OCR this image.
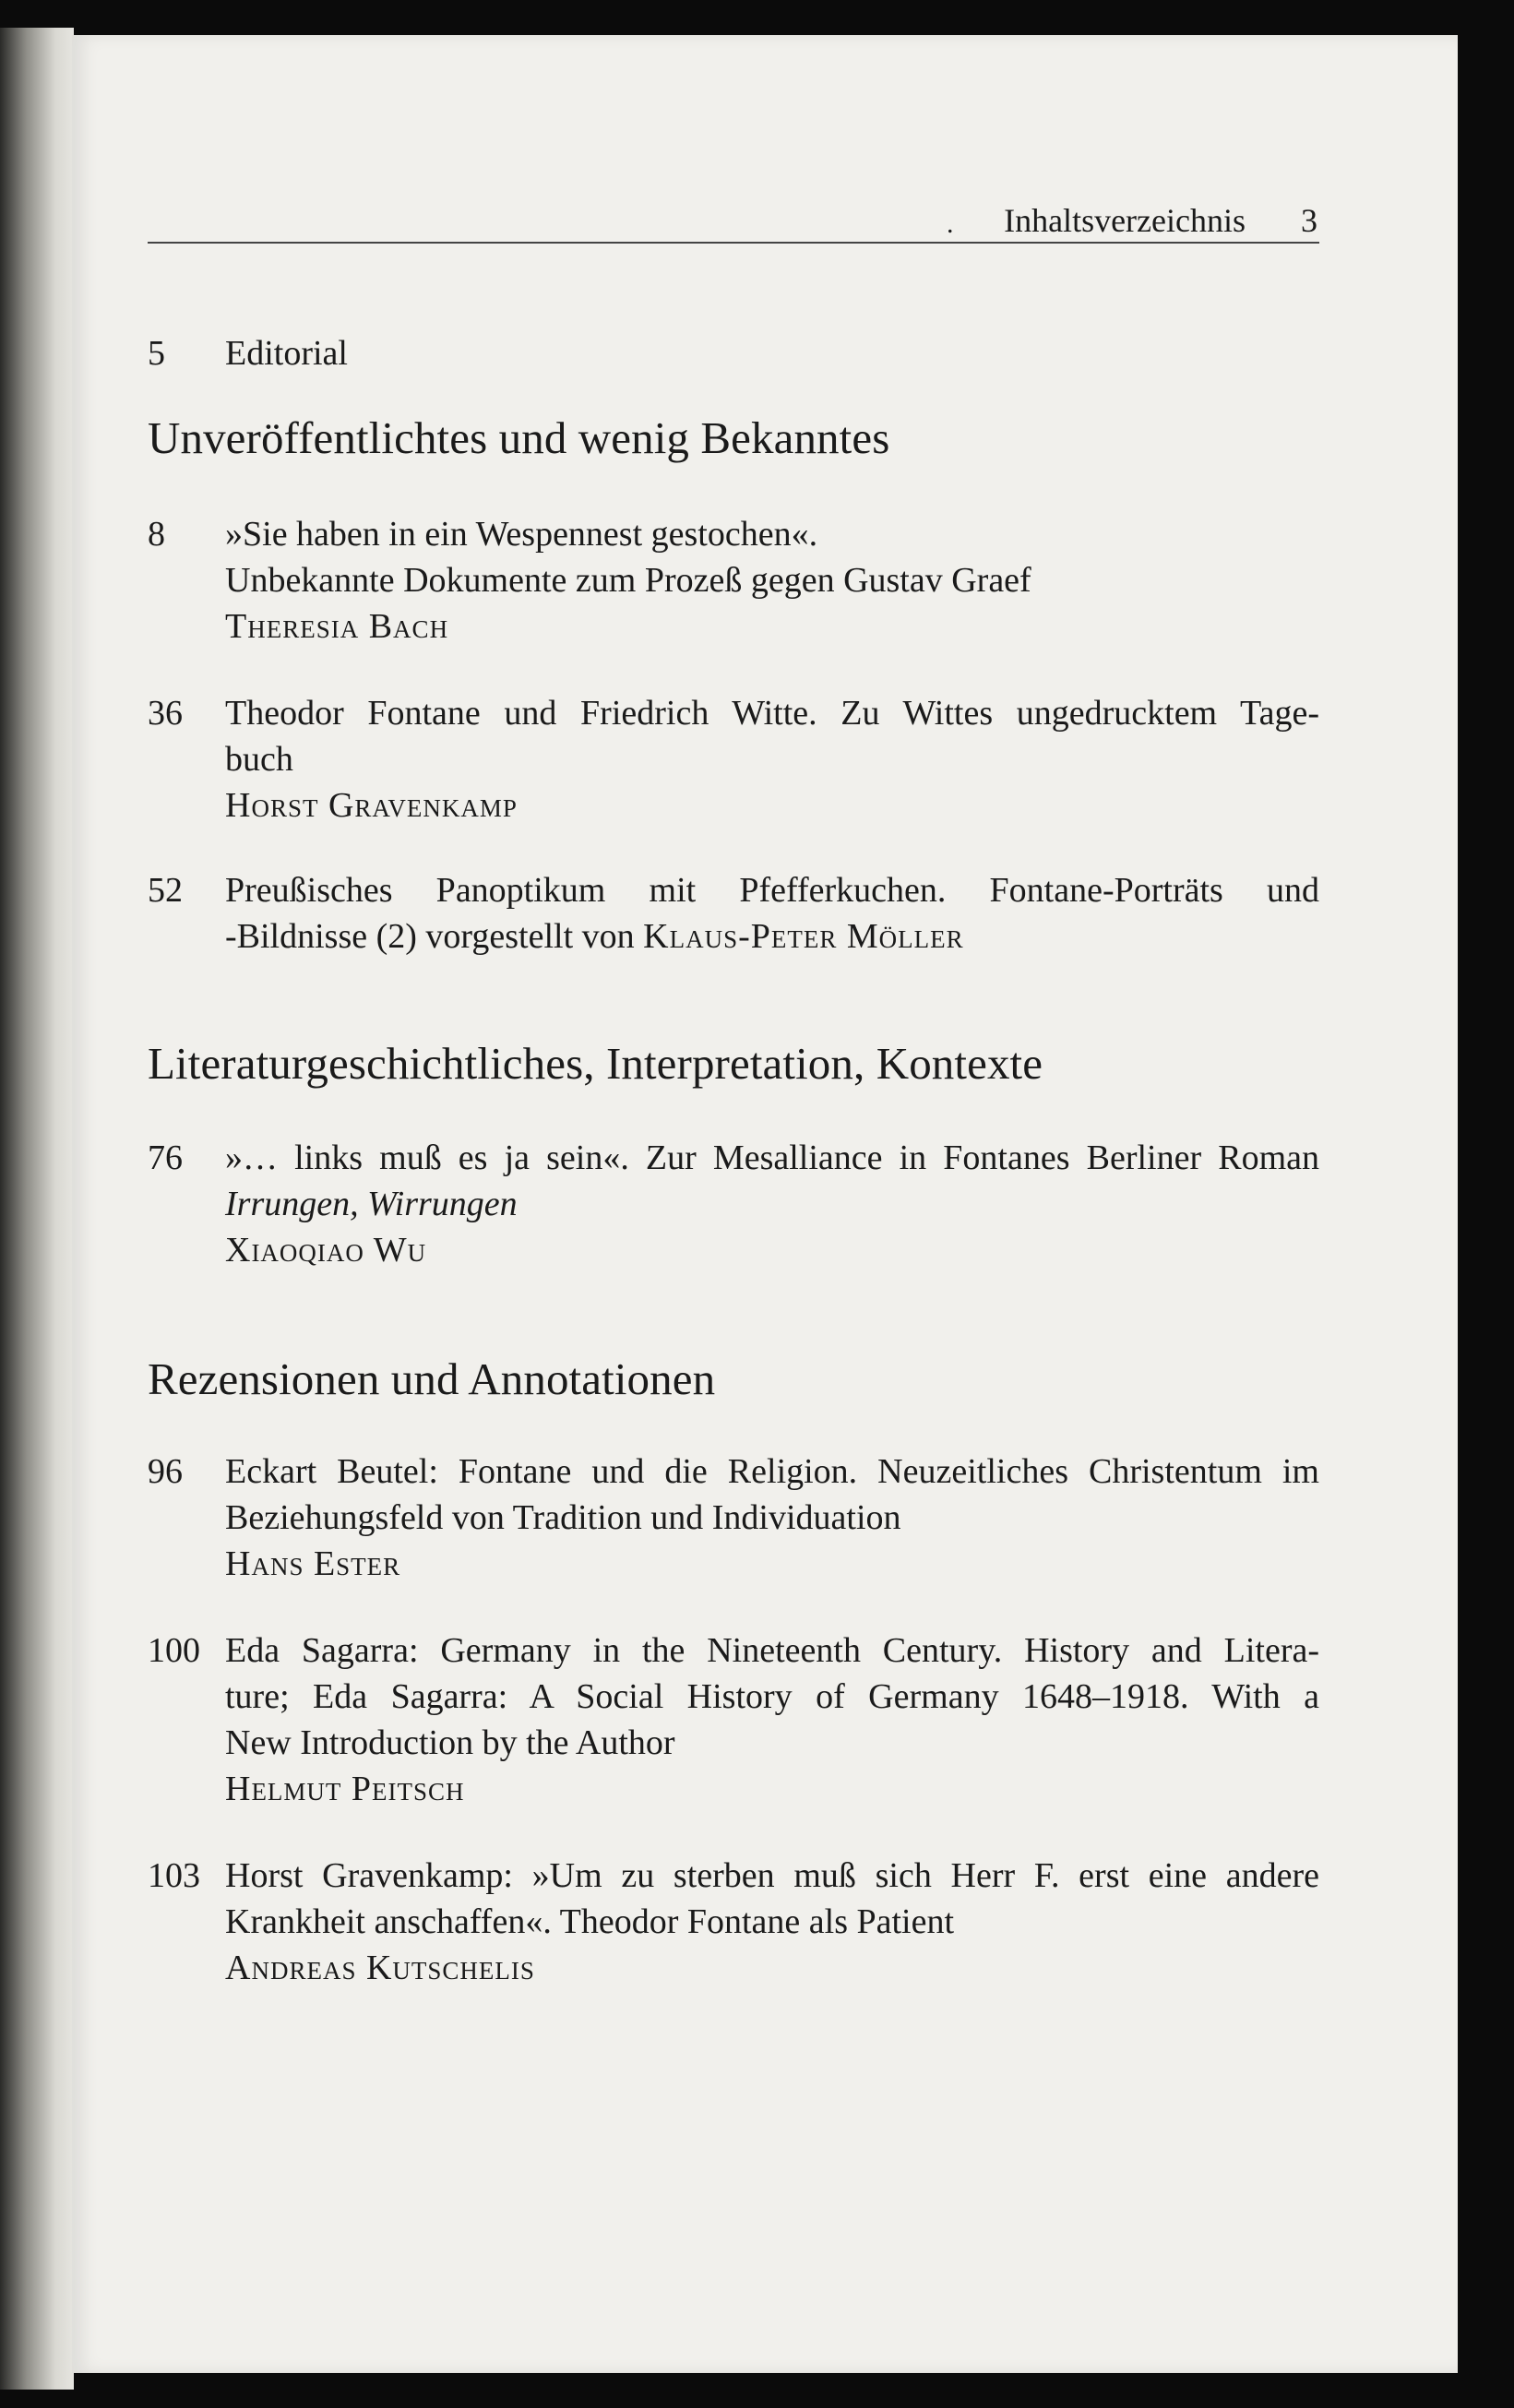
. Inhaltsverzeichnis 3
5 Editorial
Unveröffentlichtes und wenig Bekanntes
8 »Sie haben in ein Wespennest gestochen«.
Unbekannte Dokumente zum Prozeß gegen Gustav Graef
Theresia Bach
36 Theodor Fontane und Friedrich Witte. Zu Wittes ungedrucktem Tage-
buch
Horst Gravenkamp
52 Preußisches Panoptikum mit Pfefferkuchen. Fontane-Porträts und
-Bildnisse (2) vorgestellt von Klaus-Peter Möller
Literaturgeschichtliches, Interpretation, Kontexte
76 »… links muß es ja sein«. Zur Mesalliance in Fontanes Berliner Roman
Irrungen, Wirrungen
Xiaoqiao Wu
Rezensionen und Annotationen
96 Eckart Beutel: Fontane und die Religion. Neuzeitliches Christentum im
Beziehungsfeld von Tradition und Individuation
Hans Ester
100 Eda Sagarra: Germany in the Nineteenth Century. History and Litera-
ture; Eda Sagarra: A Social History of Germany 1648–1918. With a
New Introduction by the Author
Helmut Peitsch
103 Horst Gravenkamp: »Um zu sterben muß sich Herr F. erst eine andere
Krankheit anschaffen«. Theodor Fontane als Patient
Andreas Kutschelis
